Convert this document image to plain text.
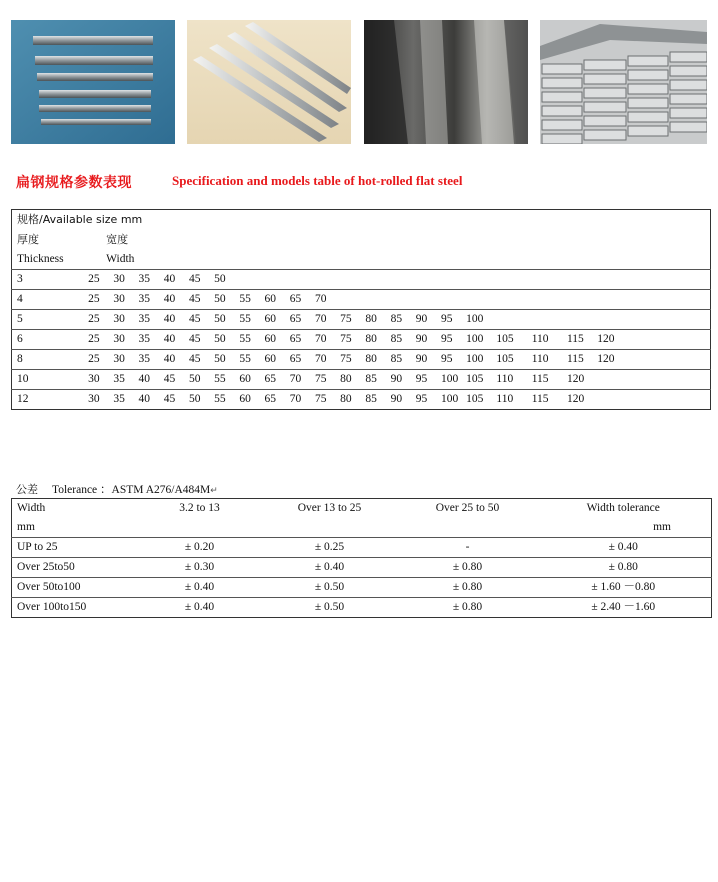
扁钢规格参数表现	Specification and models table of hot-rolled flat steel
规格/Available size mm																					
厚度	宽度																				
Thickness	Width																				
3	25	30	35	40	45	50															
4	25	30	35	40	45	50	55	60	65	70											
5	25	30	35	40	45	50	55	60	65	70	75	80	85	90	95	100					
6	25	30	35	40	45	50	55	60	65	70	75	80	85	90	95	100	105	110	115	120	
8	25	30	35	40	45	50	55	60	65	70	75	80	85	90	95	100	105	110	115	120	
10	30	35	40	45	50	55	60	65	70	75	80	85	90	95	100	105	110	115	120		
12	30	35	40	45	50	55	60	65	70	75	80	85	90	95	100	105	110	115	120		
公差 Tolerance ：ASTM A276/A484M↵
Width	3.2 to 13	Over 13 to 25	Over 25 to 50	Width tolerance
mm				mm
UP to 25	± 0.20	± 0.25	-	± 0.40
Over 25to50	± 0.30	± 0.40	± 0.80	± 0.80
Over 50to100	± 0.40	± 0.50	± 0.80	± 1.60 －0.80
Over 100to150	± 0.40	± 0.50	± 0.80	± 2.40 －1.60
